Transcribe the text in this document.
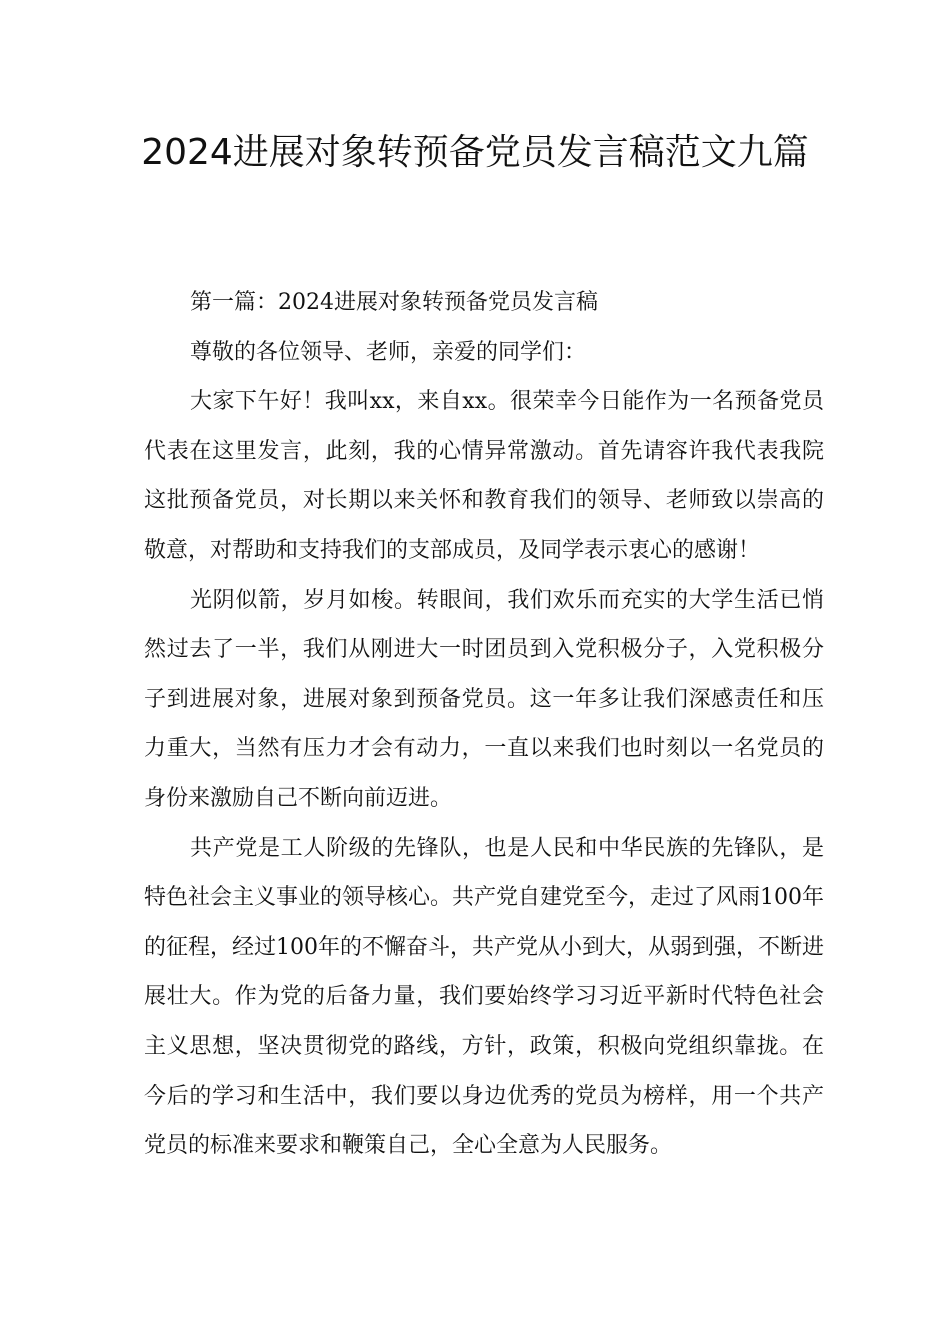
2024进展对象转预备党员发言稿范文九篇

第一篇：2024进展对象转预备党员发言稿

尊敬的各位领导、老师，亲爱的同学们：

大家下午好！我叫xx，来自xx。很荣幸今日能作为一名预备党员代表在这里发言，此刻，我的心情异常激动。首先请容许我代表我院这批预备党员，对长期以来关怀和教育我们的领导、老师致以崇高的敬意，对帮助和支持我们的支部成员，及同学表示衷心的感谢！

光阴似箭，岁月如梭。转眼间，我们欢乐而充实的大学生活已悄然过去了一半，我们从刚进大一时团员到入党积极分子，入党积极分子到进展对象，进展对象到预备党员。这一年多让我们深感责任和压力重大，当然有压力才会有动力，一直以来我们也时刻以一名党员的身份来激励自己不断向前迈进。

共产党是工人阶级的先锋队，也是人民和中华民族的先锋队，是特色社会主义事业的领导核心。共产党自建党至今，走过了风雨100年的征程，经过100年的不懈奋斗，共产党从小到大，从弱到强，不断进展壮大。作为党的后备力量，我们要始终学习习近平新时代特色社会主义思想，坚决贯彻党的路线，方针，政策，积极向党组织靠拢。在今后的学习和生活中，我们要以身边优秀的党员为榜样，用一个共产党员的标准来要求和鞭策自己，全心全意为人民服务。
